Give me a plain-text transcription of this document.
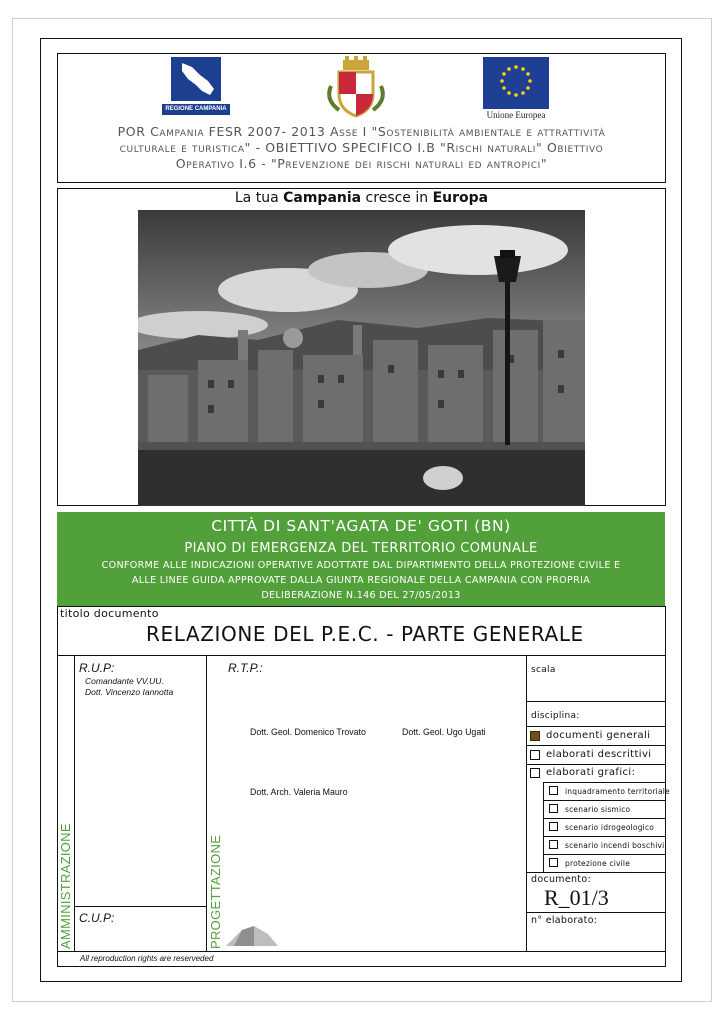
REGIONE CAMPANIA
Unione Europea
POR Campania FESR 2007- 2013 Asse I "Sostenibilità ambientale e attrattività
culturale e turistica" - OBIETTIVO SPECIFICO I.B "Rischi naturali" Obiettivo
Operativo I.6 - "Prevenzione dei rischi naturali ed antropici"
La tua Campania cresce in Europa
CITTÀ DI SANT'AGATA DE' GOTI (BN)
PIANO DI EMERGENZA DEL TERRITORIO COMUNALE
CONFORME ALLE INDICAZIONI OPERATIVE ADOTTATE DAL DIPARTIMENTO DELLA PROTEZIONE CIVILE E
ALLE LINEE GUIDA APPROVATE DALLA GIUNTA REGIONALE DELLA CAMPANIA CON PROPRIA
DELIBERAZIONE N.146 DEL 27/05/2013
titolo documento
RELAZIONE DEL P.E.C. - PARTE GENERALE
R.U.P:
Comandante VV.UU.
Dott. Vincenzo Iannotta
C.U.P:
AMMINISTRAZIONE
R.T.P.:
Dott. Geol. Domenico Trovato	Dott. Geol. Ugo Ugati
Dott. Arch. Valeria Mauro
PROGETTAZIONE
scala
disciplina:
documenti generali
elaborati descrittivi
elaborati grafici:
inquadramento territoriale
scenario sismico
scenario idrogeologico
scenario incendi boschivi
protezione civile
documento:
R_01/3
n° elaborato:
All reproduction rights are reserveded
